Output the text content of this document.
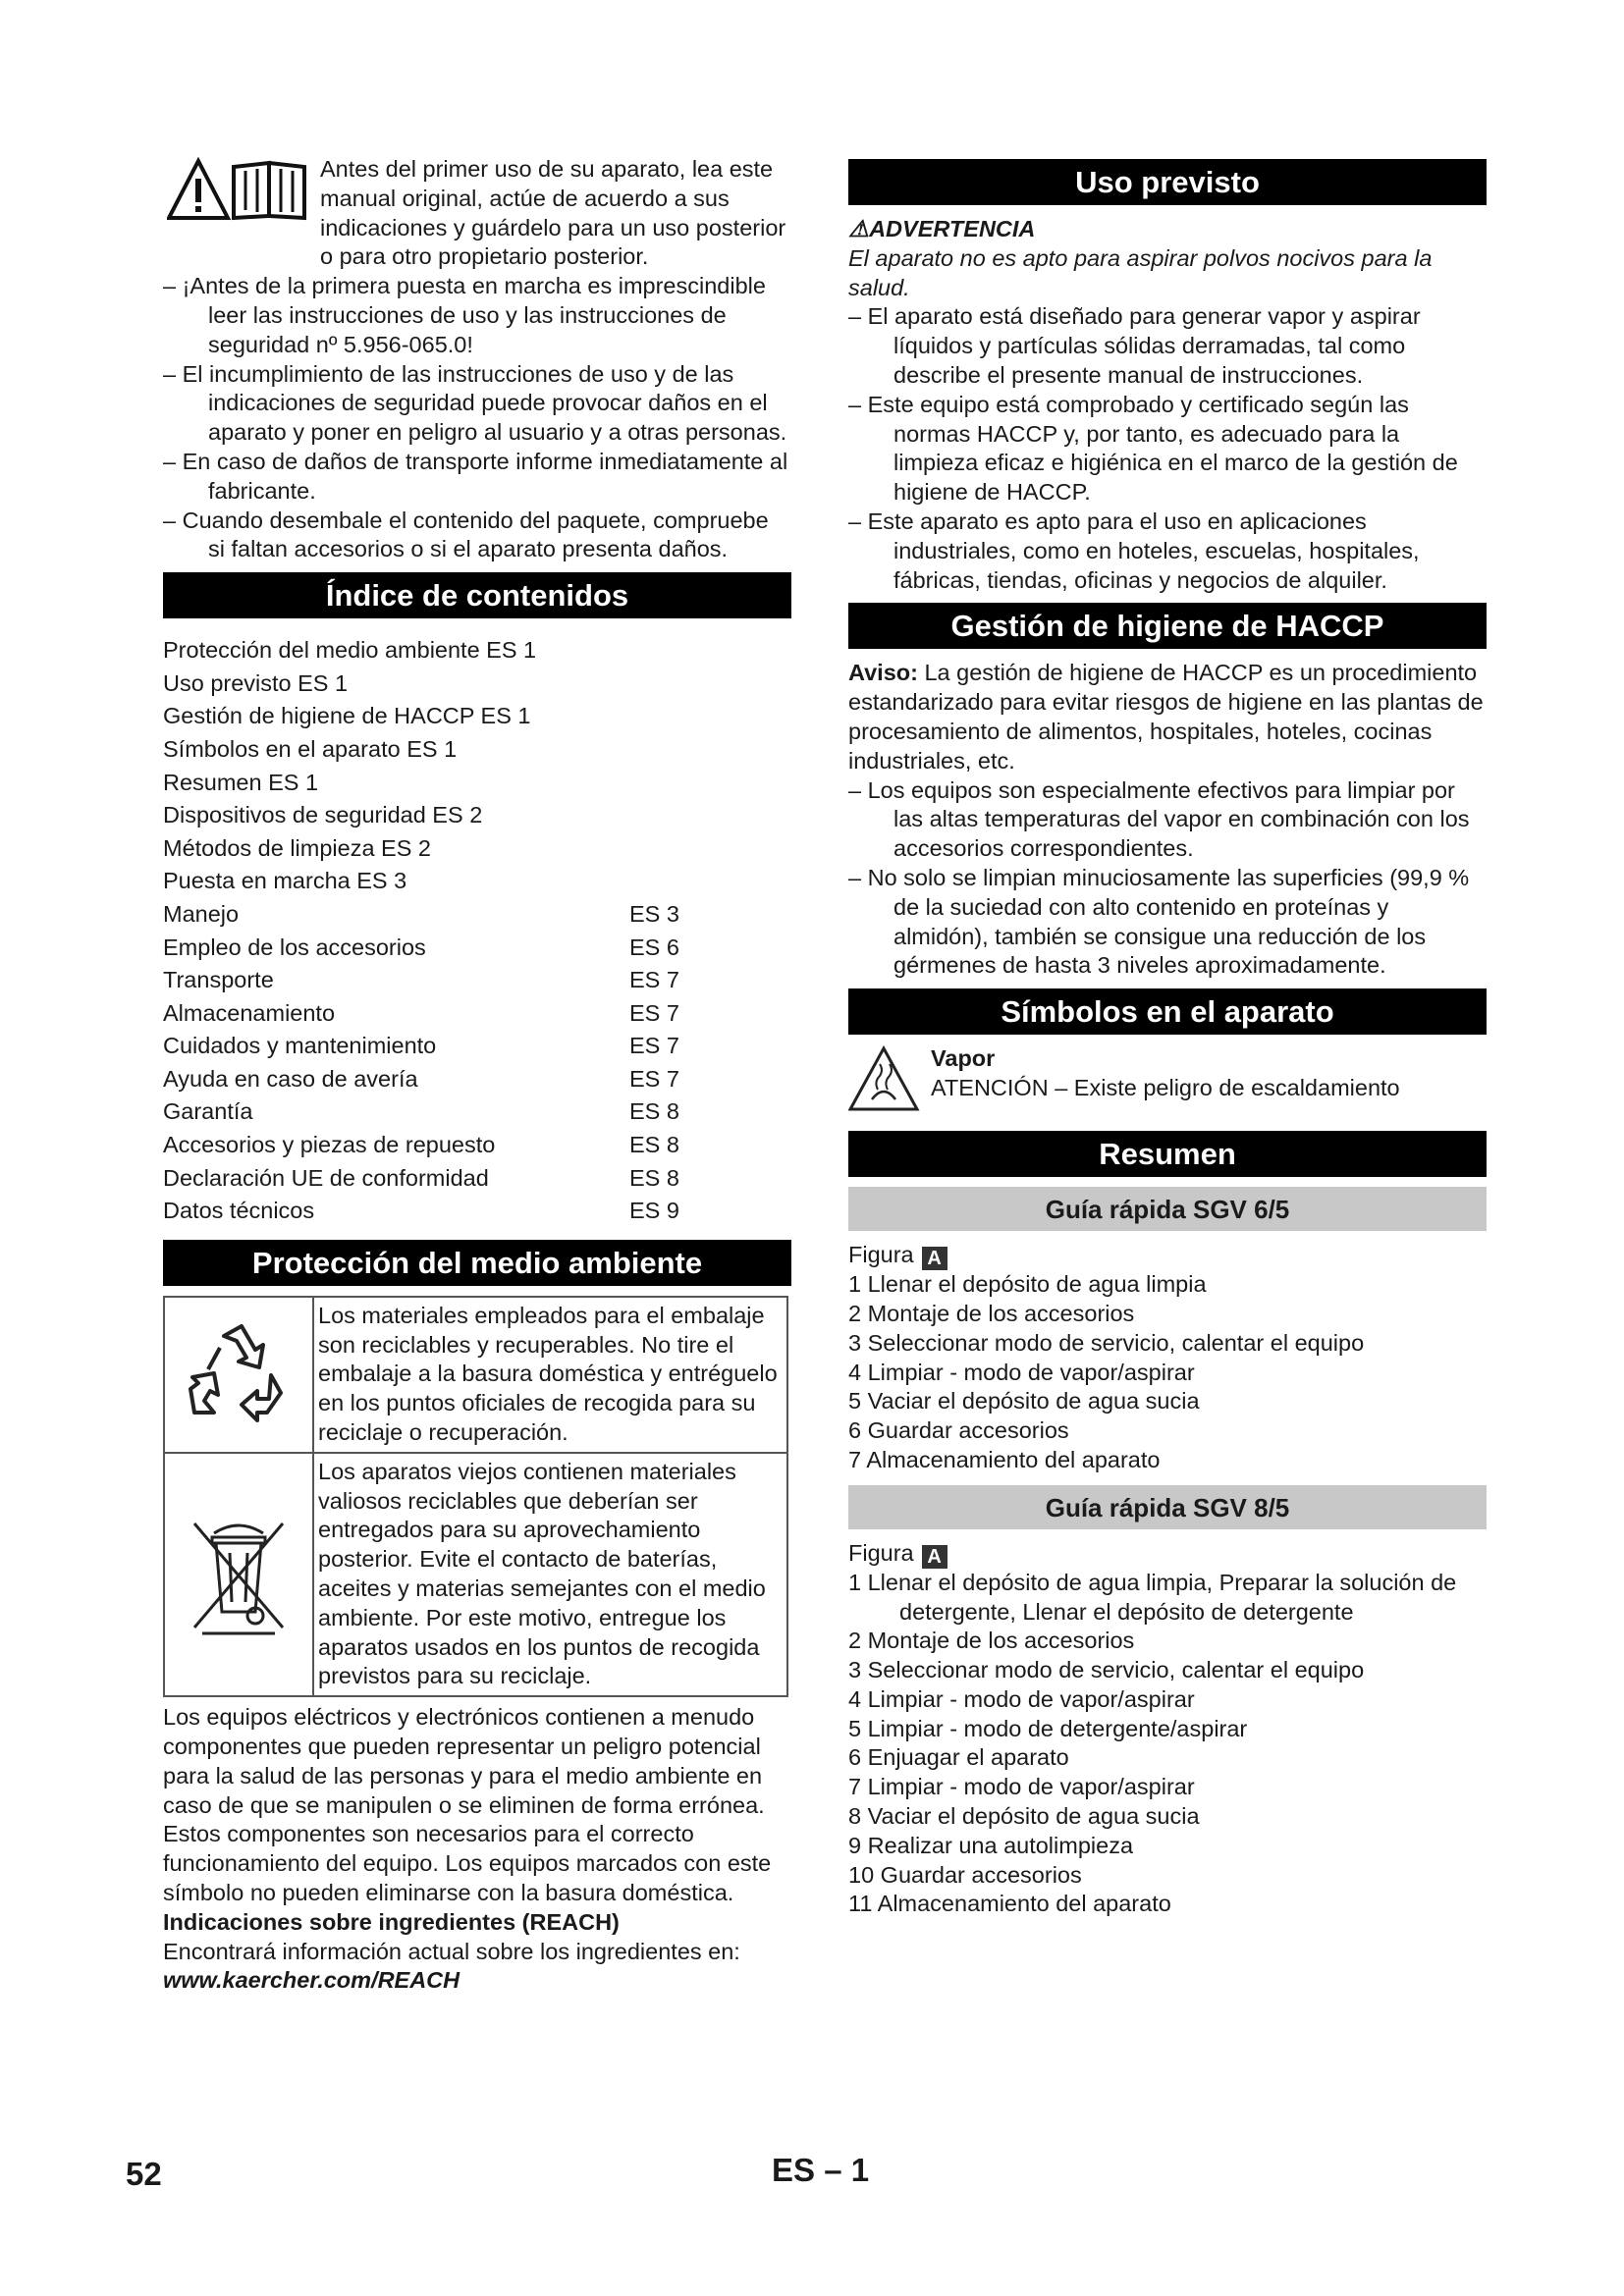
Antes del primer uso de su aparato, lea este manual original, actúe de acuerdo a sus indicaciones y guárdelo para un uso posterior o para otro propietario posterior.

– ¡Antes de la primera puesta en marcha es imprescindible leer las instrucciones de uso y las instrucciones de seguridad nº 5.956-065.0!

– El incumplimiento de las instrucciones de uso y de las indicaciones de seguridad puede provocar daños en el aparato y poner en peligro al usuario y a otras personas.

– En caso de daños de transporte informe inmediatamente al fabricante.

– Cuando desembale el contenido del paquete, compruebe si faltan accesorios o si el aparato presenta daños.

Índice de contenidos
Protección del medio ambiente ES 1
Uso previsto ES 1
Gestión de higiene de HACCP ES 1
Símbolos en el aparato ES 1
Resumen ES 1
Dispositivos de seguridad ES 2
Métodos de limpieza ES 2
Puesta en marcha ES 3
Manejo	ES 3
Empleo de los accesorios	ES 6
Transporte	ES 7
Almacenamiento	ES 7
Cuidados y mantenimiento	ES 7
Ayuda en caso de avería	ES 7
Garantía	ES 8
Accesorios y piezas de repuesto	ES 8
Declaración UE de conformidad	ES 8
Datos técnicos	ES 9
Protección del medio ambiente
	Los materiales empleados para el embalaje son reciclables y recuperables. No tire el embalaje a la basura doméstica y entréguelo en los puntos oficiales de recogida para su reciclaje o recuperación.
	Los aparatos viejos contienen materiales valiosos reciclables que deberían ser entregados para su aprovechamiento posterior. Evite el contacto de baterías, aceites y materias semejantes con el medio ambiente. Por este motivo, entregue los aparatos usados en los puntos de recogida previstos para su reciclaje.

Los equipos eléctricos y electrónicos contienen a menudo componentes que pueden representar un peligro potencial para la salud de las personas y para el medio ambiente en caso de que se manipulen o se eliminen de forma errónea. Estos componentes son necesarios para el correcto funcionamiento del equipo. Los equipos marcados con este símbolo no pueden eliminarse con la basura doméstica.

Indicaciones sobre ingredientes (REACH)

Encontrará información actual sobre los ingredientes en:

www.kaercher.com/REACH

Uso previsto
⚠ADVERTENCIA

El aparato no es apto para aspirar polvos nocivos para la salud.

– El aparato está diseñado para generar vapor y aspirar líquidos y partículas sólidas derramadas, tal como describe el presente manual de instrucciones.

– Este equipo está comprobado y certificado según las normas HACCP y, por tanto, es adecuado para la limpieza eficaz e higiénica en el marco de la gestión de higiene de HACCP.

– Este aparato es apto para el uso en aplicaciones industriales, como en hoteles, escuelas, hospitales, fábricas, tiendas, oficinas y negocios de alquiler.

Gestión de higiene de HACCP

Aviso: La gestión de higiene de HACCP es un procedimiento estandarizado para evitar riesgos de higiene en las plantas de procesamiento de alimentos, hospitales, hoteles, cocinas industriales, etc.

– Los equipos son especialmente efectivos para limpiar por las altas temperaturas del vapor en combinación con los accesorios correspondientes.

– No solo se limpian minuciosamente las superficies (99,9 % de la suciedad con alto contenido en proteínas y almidón), también se consigue una reducción de los gérmenes de hasta 3 niveles aproximadamente.

Símbolos en el aparato

Vapor

ATENCIÓN – Existe peligro de escaldamiento

Resumen
Guía rápida SGV 6/5

Figura A

1 Llenar el depósito de agua limpia

2 Montaje de los accesorios

3 Seleccionar modo de servicio, calentar el equipo

4 Limpiar - modo de vapor/aspirar

5 Vaciar el depósito de agua sucia

6 Guardar accesorios

7 Almacenamiento del aparato

Guía rápida SGV 8/5

Figura A

1 Llenar el depósito de agua limpia, Preparar la solución de detergente, Llenar el depósito de detergente

2 Montaje de los accesorios

3 Seleccionar modo de servicio, calentar el equipo

4 Limpiar - modo de vapor/aspirar

5 Limpiar - modo de detergente/aspirar

6 Enjuagar el aparato

7 Limpiar - modo de vapor/aspirar

8 Vaciar el depósito de agua sucia

9 Realizar una autolimpieza

10 Guardar accesorios

11 Almacenamiento del aparato

52	ES – 1
